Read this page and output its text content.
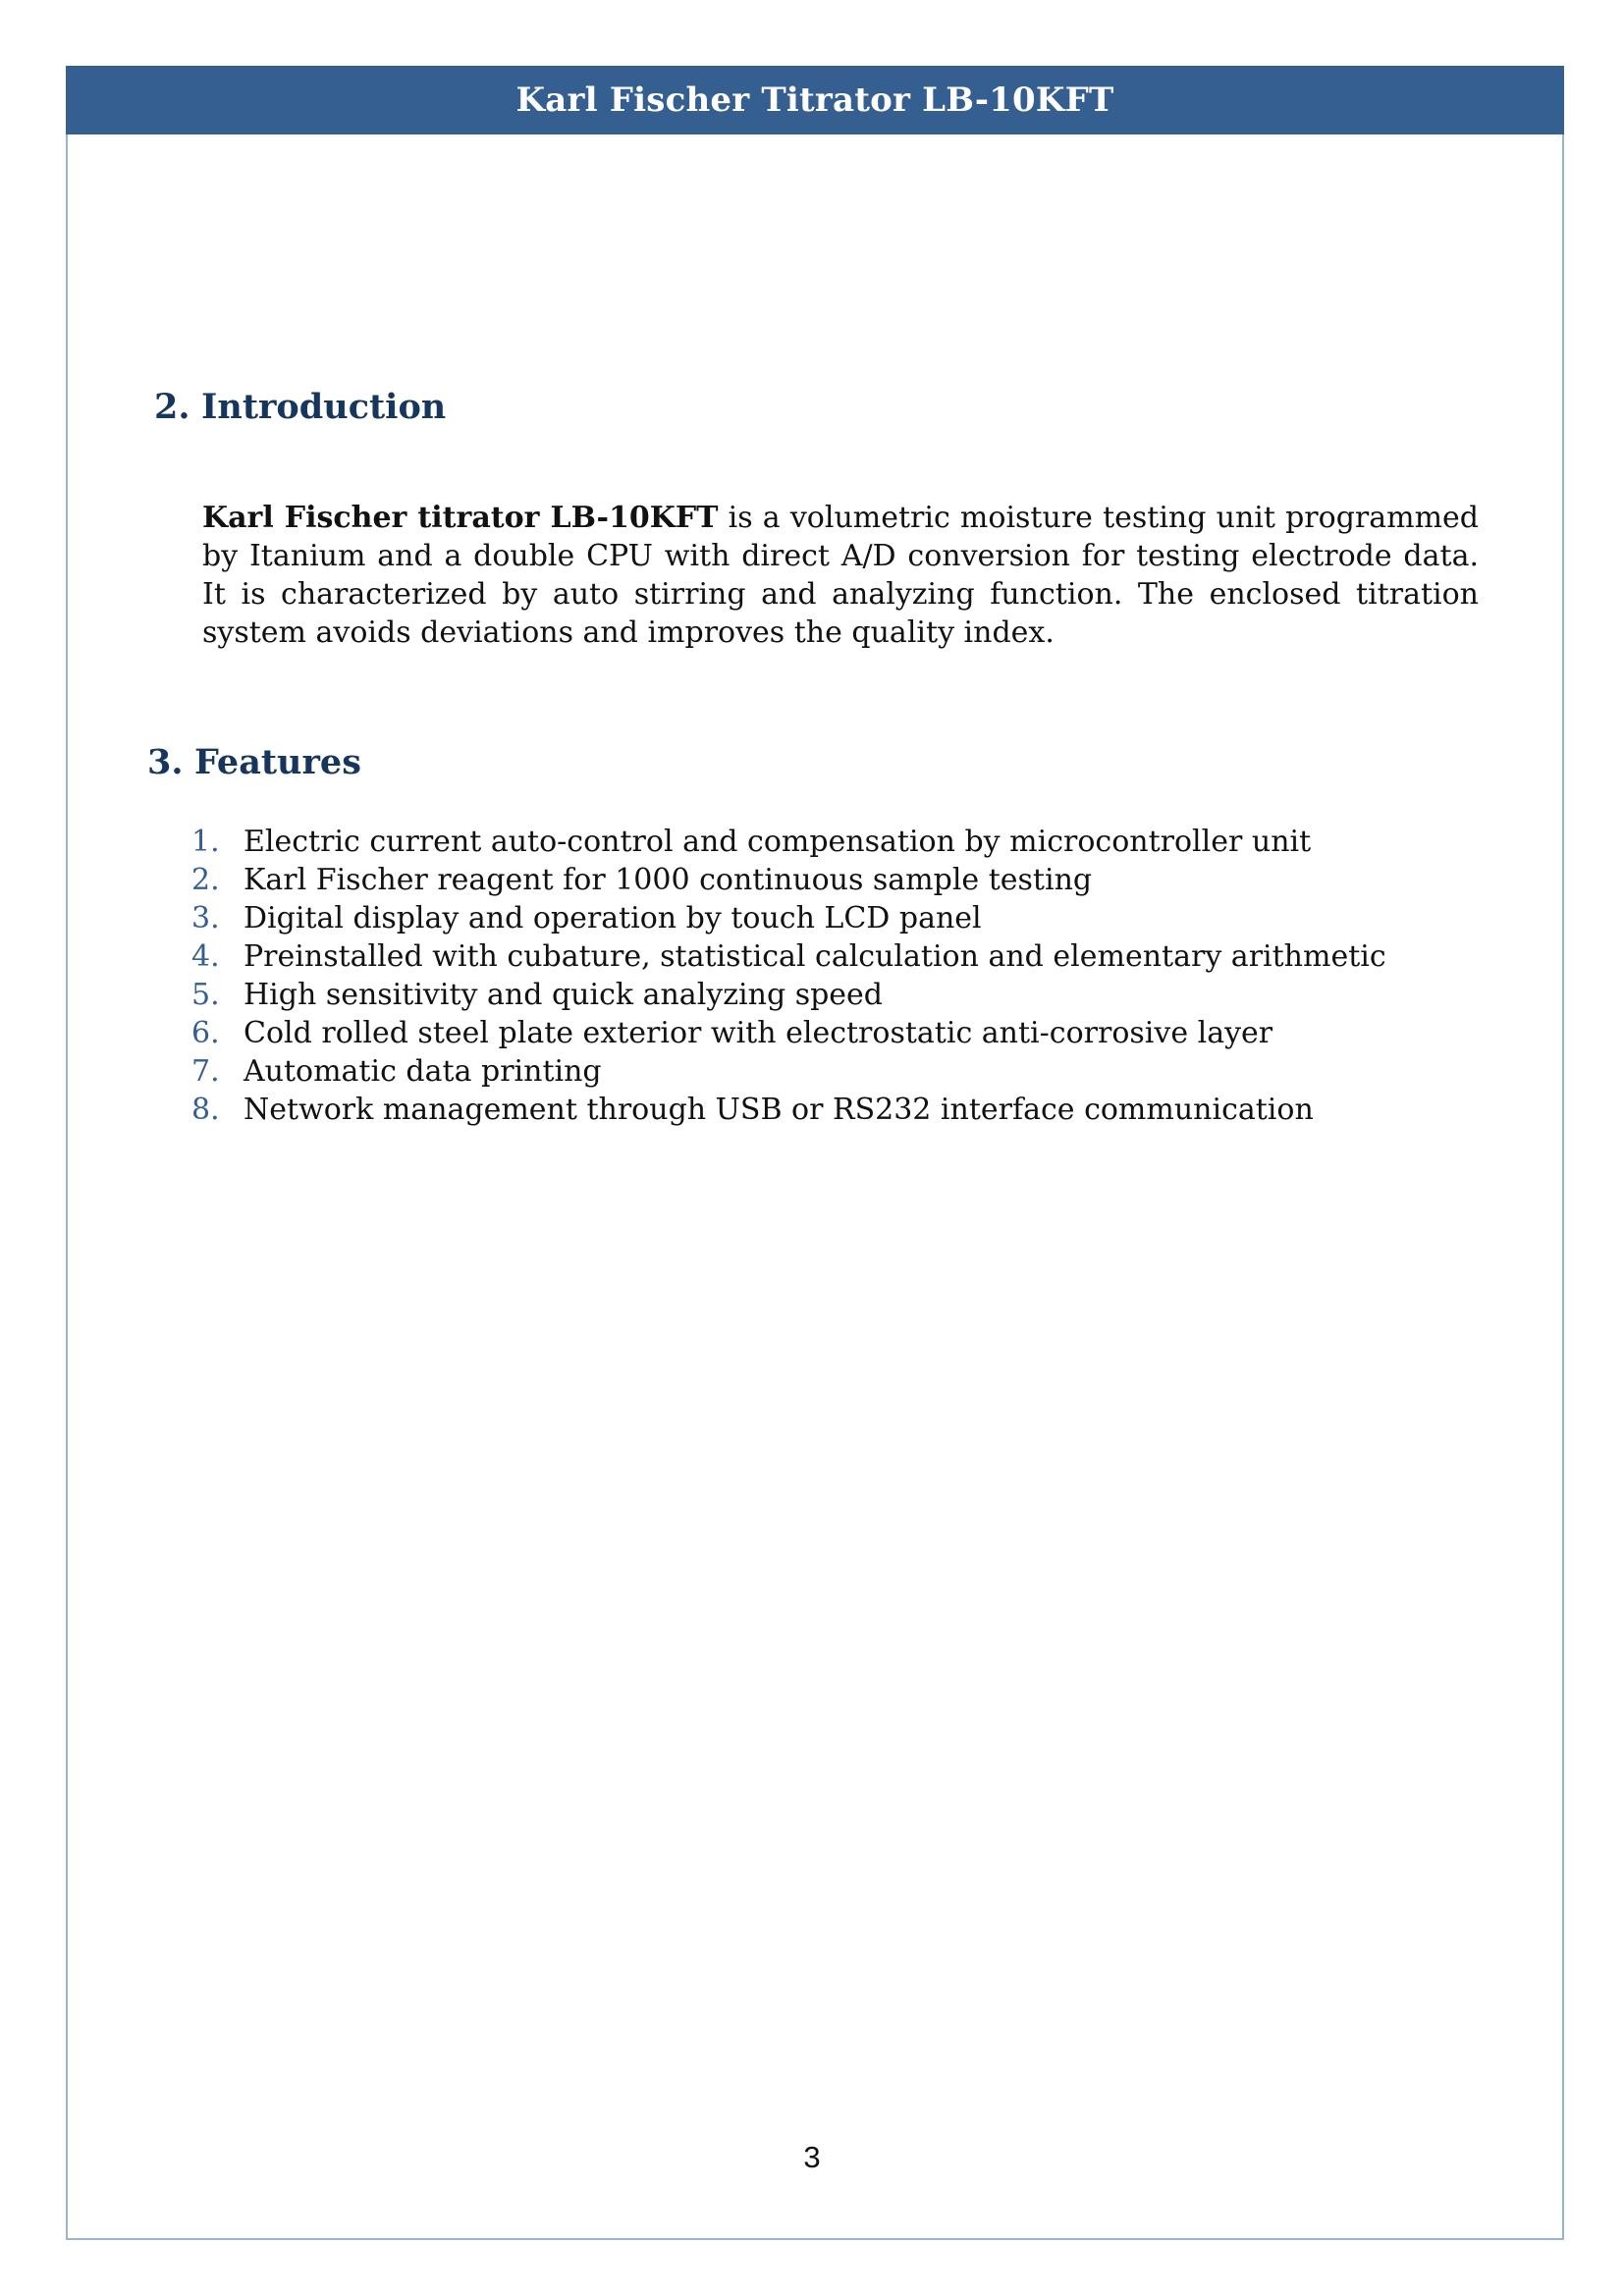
Karl Fischer Titrator LB-10KFT
2. Introduction

Karl Fischer titrator LB-10KFT is a volumetric moisture testing unit programmed by Itanium and a double CPU with direct A/D conversion for testing electrode data. It is characterized by auto stirring and analyzing function. The enclosed titration system avoids deviations and improves the quality index.

3. Features
1. Electric current auto-control and compensation by microcontroller unit
2. Karl Fischer reagent for 1000 continuous sample testing
3. Digital display and operation by touch LCD panel
4. Preinstalled with cubature, statistical calculation and elementary arithmetic
5. High sensitivity and quick analyzing speed
6. Cold rolled steel plate exterior with electrostatic anti-corrosive layer
7. Automatic data printing
8. Network management through USB or RS232 interface communication
3
